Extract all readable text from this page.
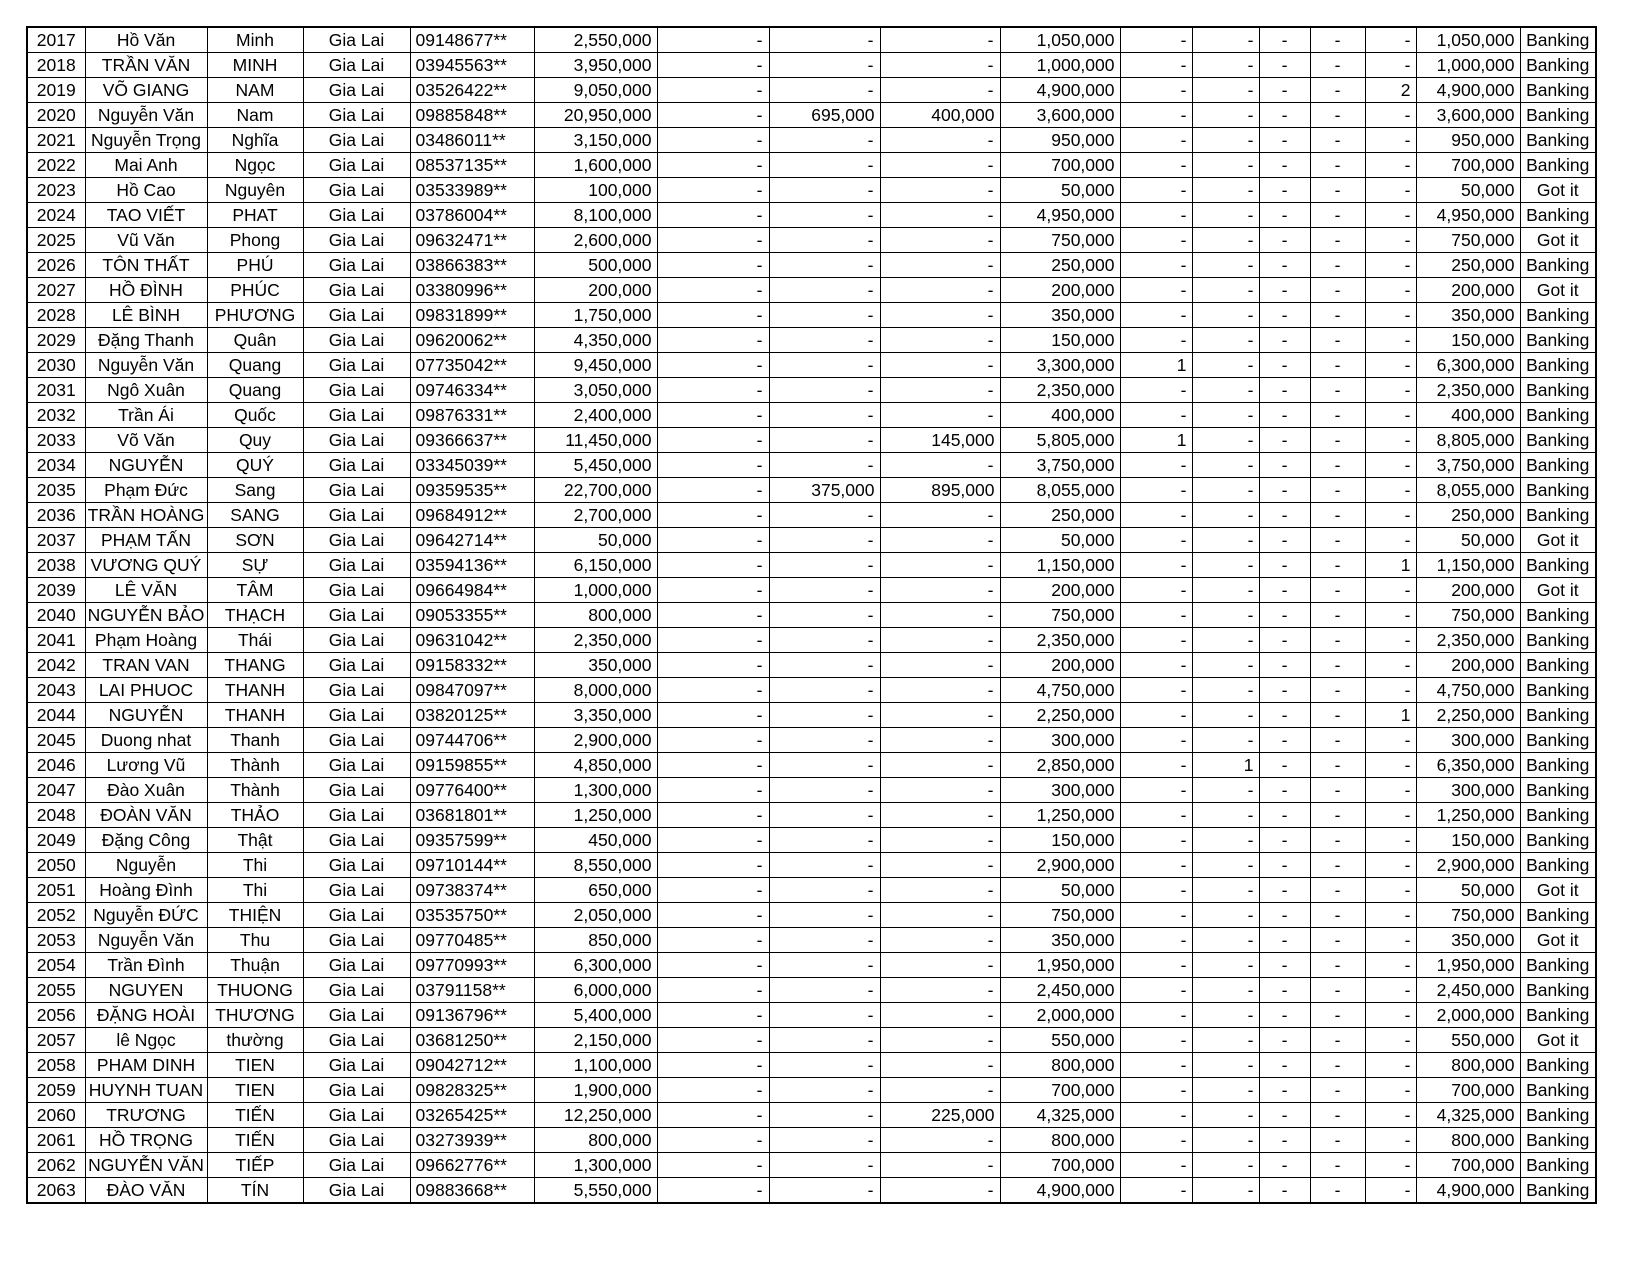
2017	Hồ Văn	Minh	Gia Lai	09148677**	2,550,000	-	-	-	1,050,000	-	-	-	-	-	1,050,000	Banking
2018	TRẦN VĂN	MINH	Gia Lai	03945563**	3,950,000	-	-	-	1,000,000	-	-	-	-	-	1,000,000	Banking
2019	VÕ GIANG	NAM	Gia Lai	03526422**	9,050,000	-	-	-	4,900,000	-	-	-	-	2	4,900,000	Banking
2020	Nguyễn Văn	Nam	Gia Lai	09885848**	20,950,000	-	695,000	400,000	3,600,000	-	-	-	-	-	3,600,000	Banking
2021	Nguyễn Trọng	Nghĩa	Gia Lai	03486011**	3,150,000	-	-	-	950,000	-	-	-	-	-	950,000	Banking
2022	Mai Anh	Ngọc	Gia Lai	08537135**	1,600,000	-	-	-	700,000	-	-	-	-	-	700,000	Banking
2023	Hồ Cao	Nguyên	Gia Lai	03533989**	100,000	-	-	-	50,000	-	-	-	-	-	50,000	Got it
2024	TAO VIẾT	PHAT	Gia Lai	03786004**	8,100,000	-	-	-	4,950,000	-	-	-	-	-	4,950,000	Banking
2025	Vũ Văn	Phong	Gia Lai	09632471**	2,600,000	-	-	-	750,000	-	-	-	-	-	750,000	Got it
2026	TÔN THẤT	PHÚ	Gia Lai	03866383**	500,000	-	-	-	250,000	-	-	-	-	-	250,000	Banking
2027	HỒ ĐÌNH	PHÚC	Gia Lai	03380996**	200,000	-	-	-	200,000	-	-	-	-	-	200,000	Got it
2028	LÊ BÌNH	PHƯƠNG	Gia Lai	09831899**	1,750,000	-	-	-	350,000	-	-	-	-	-	350,000	Banking
2029	Đặng Thanh	Quân	Gia Lai	09620062**	4,350,000	-	-	-	150,000	-	-	-	-	-	150,000	Banking
2030	Nguyễn Văn	Quang	Gia Lai	07735042**	9,450,000	-	-	-	3,300,000	1	-	-	-	-	6,300,000	Banking
2031	Ngô Xuân	Quang	Gia Lai	09746334**	3,050,000	-	-	-	2,350,000	-	-	-	-	-	2,350,000	Banking
2032	Trần Ái	Quốc	Gia Lai	09876331**	2,400,000	-	-	-	400,000	-	-	-	-	-	400,000	Banking
2033	Võ Văn	Quy	Gia Lai	09366637**	11,450,000	-	-	145,000	5,805,000	1	-	-	-	-	8,805,000	Banking
2034	NGUYỄN	QUÝ	Gia Lai	03345039**	5,450,000	-	-	-	3,750,000	-	-	-	-	-	3,750,000	Banking
2035	Phạm Đức	Sang	Gia Lai	09359535**	22,700,000	-	375,000	895,000	8,055,000	-	-	-	-	-	8,055,000	Banking
2036	TRẦN HOÀNG	SANG	Gia Lai	09684912**	2,700,000	-	-	-	250,000	-	-	-	-	-	250,000	Banking
2037	PHẠM TẤN	SƠN	Gia Lai	09642714**	50,000	-	-	-	50,000	-	-	-	-	-	50,000	Got it
2038	VƯƠNG QUÝ	SỰ	Gia Lai	03594136**	6,150,000	-	-	-	1,150,000	-	-	-	-	1	1,150,000	Banking
2039	LÊ VĂN	TÂM	Gia Lai	09664984**	1,000,000	-	-	-	200,000	-	-	-	-	-	200,000	Got it
2040	NGUYỄN BẢO	THẠCH	Gia Lai	09053355**	800,000	-	-	-	750,000	-	-	-	-	-	750,000	Banking
2041	Phạm Hoàng	Thái	Gia Lai	09631042**	2,350,000	-	-	-	2,350,000	-	-	-	-	-	2,350,000	Banking
2042	TRAN VAN	THANG	Gia Lai	09158332**	350,000	-	-	-	200,000	-	-	-	-	-	200,000	Banking
2043	LAI PHUOC	THANH	Gia Lai	09847097**	8,000,000	-	-	-	4,750,000	-	-	-	-	-	4,750,000	Banking
2044	NGUYỄN	THANH	Gia Lai	03820125**	3,350,000	-	-	-	2,250,000	-	-	-	-	1	2,250,000	Banking
2045	Duong nhat	Thanh	Gia Lai	09744706**	2,900,000	-	-	-	300,000	-	-	-	-	-	300,000	Banking
2046	Lương Vũ	Thành	Gia Lai	09159855**	4,850,000	-	-	-	2,850,000	-	1	-	-	-	6,350,000	Banking
2047	Đào Xuân	Thành	Gia Lai	09776400**	1,300,000	-	-	-	300,000	-	-	-	-	-	300,000	Banking
2048	ĐOÀN VĂN	THẢO	Gia Lai	03681801**	1,250,000	-	-	-	1,250,000	-	-	-	-	-	1,250,000	Banking
2049	Đặng Công	Thật	Gia Lai	09357599**	450,000	-	-	-	150,000	-	-	-	-	-	150,000	Banking
2050	Nguyễn	Thi	Gia Lai	09710144**	8,550,000	-	-	-	2,900,000	-	-	-	-	-	2,900,000	Banking
2051	Hoàng Đình	Thi	Gia Lai	09738374**	650,000	-	-	-	50,000	-	-	-	-	-	50,000	Got it
2052	Nguyễn ĐỨC	THIỆN	Gia Lai	03535750**	2,050,000	-	-	-	750,000	-	-	-	-	-	750,000	Banking
2053	Nguyễn Văn	Thu	Gia Lai	09770485**	850,000	-	-	-	350,000	-	-	-	-	-	350,000	Got it
2054	Trần Đình	Thuận	Gia Lai	09770993**	6,300,000	-	-	-	1,950,000	-	-	-	-	-	1,950,000	Banking
2055	NGUYEN	THUONG	Gia Lai	03791158**	6,000,000	-	-	-	2,450,000	-	-	-	-	-	2,450,000	Banking
2056	ĐẶNG HOÀI	THƯƠNG	Gia Lai	09136796**	5,400,000	-	-	-	2,000,000	-	-	-	-	-	2,000,000	Banking
2057	lê Ngọc	thường	Gia Lai	03681250**	2,150,000	-	-	-	550,000	-	-	-	-	-	550,000	Got it
2058	PHAM DINH	TIEN	Gia Lai	09042712**	1,100,000	-	-	-	800,000	-	-	-	-	-	800,000	Banking
2059	HUYNH TUAN	TIEN	Gia Lai	09828325**	1,900,000	-	-	-	700,000	-	-	-	-	-	700,000	Banking
2060	TRƯƠNG	TIẾN	Gia Lai	03265425**	12,250,000	-	-	225,000	4,325,000	-	-	-	-	-	4,325,000	Banking
2061	HỒ TRỌNG	TIẾN	Gia Lai	03273939**	800,000	-	-	-	800,000	-	-	-	-	-	800,000	Banking
2062	NGUYỄN VĂN	TIẾP	Gia Lai	09662776**	1,300,000	-	-	-	700,000	-	-	-	-	-	700,000	Banking
2063	ĐÀO VĂN	TÍN	Gia Lai	09883668**	5,550,000	-	-	-	4,900,000	-	-	-	-	-	4,900,000	Banking
